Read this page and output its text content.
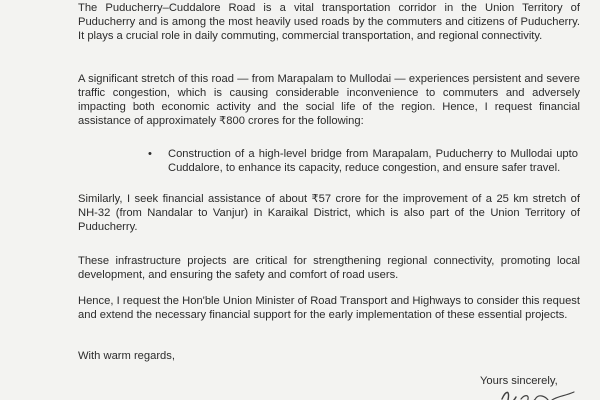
The Puducherry–Cuddalore Road is a vital transportation corridor in the Union Territory of Puducherry and is among the most heavily used roads by the commuters and citizens of Puducherry. It plays a crucial role in daily commuting, commercial transportation, and regional connectivity.

A significant stretch of this road — from Marapalam to Mullodai — experiences persistent and severe traffic congestion, which is causing considerable inconvenience to commuters and adversely impacting both economic activity and the social life of the region. Hence, I request financial assistance of approximately ₹800 crores for the following:

• Construction of a high-level bridge from Marapalam, Puducherry to Mullodai upto Cuddalore, to enhance its capacity, reduce congestion, and ensure safer travel.

Similarly, I seek financial assistance of about ₹57 crore for the improvement of a 25 km stretch of NH-32 (from Nandalar to Vanjur) in Karaikal District, which is also part of the Union Territory of Puducherry.

These infrastructure projects are critical for strengthening regional connectivity, promoting local development, and ensuring the safety and comfort of road users.

Hence, I request the Hon'ble Union Minister of Road Transport and Highways to consider this request and extend the necessary financial support for the early implementation of these essential projects.

With warm regards,

Yours sincerely,
